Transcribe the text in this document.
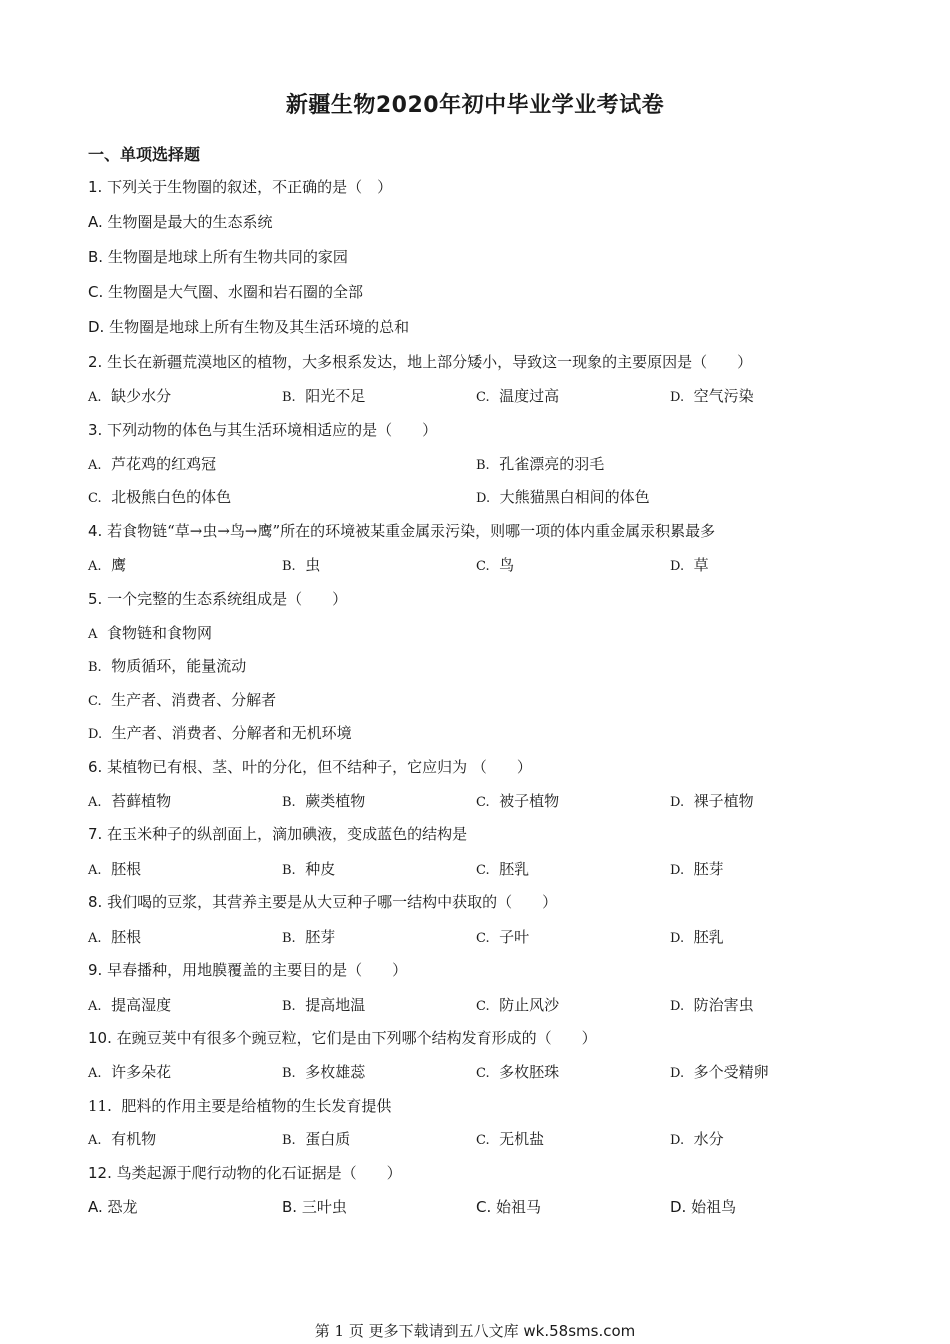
新疆生物2020年初中毕业学业考试卷
一、单项选择题
1. 下列关于生物圈的叙述，不正确的是（　）
A. 生物圈是最大的生态系统
B. 生物圈是地球上所有生物共同的家园
C. 生物圈是大气圈、水圈和岩石圈的全部
D. 生物圈是地球上所有生物及其生活环境的总和
2. 生长在新疆荒漠地区的植物，大多根系发达，地上部分矮小，导致这一现象的主要原因是（　　）
A. 缺少水分	B. 阳光不足	C. 温度过高	D. 空气污染
3. 下列动物的体色与其生活环境相适应的是（　　）
A. 芦花鸡的红鸡冠	B. 孔雀漂亮的羽毛
C. 北极熊白色的体色	D. 大熊猫黑白相间的体色
4. 若食物链“草→虫→鸟→鹰”所在的环境被某重金属汞污染，则哪一项的体内重金属汞积累最多
A. 鹰	B. 虫	C. 鸟	D. 草
5. 一个完整的生态系统组成是（　　）
A 食物链和食物网
B. 物质循环，能量流动
C. 生产者、消费者、分解者
D. 生产者、消费者、分解者和无机环境
6. 某植物已有根、茎、叶的分化，但不结种子，它应归为 （　　）
A. 苔藓植物	B. 蕨类植物	C. 被子植物	D. 裸子植物
7. 在玉米种子的纵剖面上，滴加碘液，变成蓝色的结构是
A. 胚根	B. 种皮	C. 胚乳	D. 胚芽
8. 我们喝的豆浆，其营养主要是从大豆种子哪一结构中获取的（　　）
A. 胚根	B. 胚芽	C. 子叶	D. 胚乳
9. 早春播种，用地膜覆盖的主要目的是（　　）
A. 提高湿度	B. 提高地温	C. 防止风沙	D. 防治害虫
10. 在豌豆荚中有很多个豌豆粒，它们是由下列哪个结构发育形成的（　　）
A. 许多朵花	B. 多枚雄蕊	C. 多枚胚珠	D. 多个受精卵
11. 肥料的作用主要是给植物的生长发育提供
A. 有机物	B. 蛋白质	C. 无机盐	D. 水分
12. 鸟类起源于爬行动物的化石证据是（　　）
A. 恐龙	B. 三叶虫	C. 始祖马	D. 始祖鸟
第 1 页 更多下载请到五八文库 wk.58sms.com
